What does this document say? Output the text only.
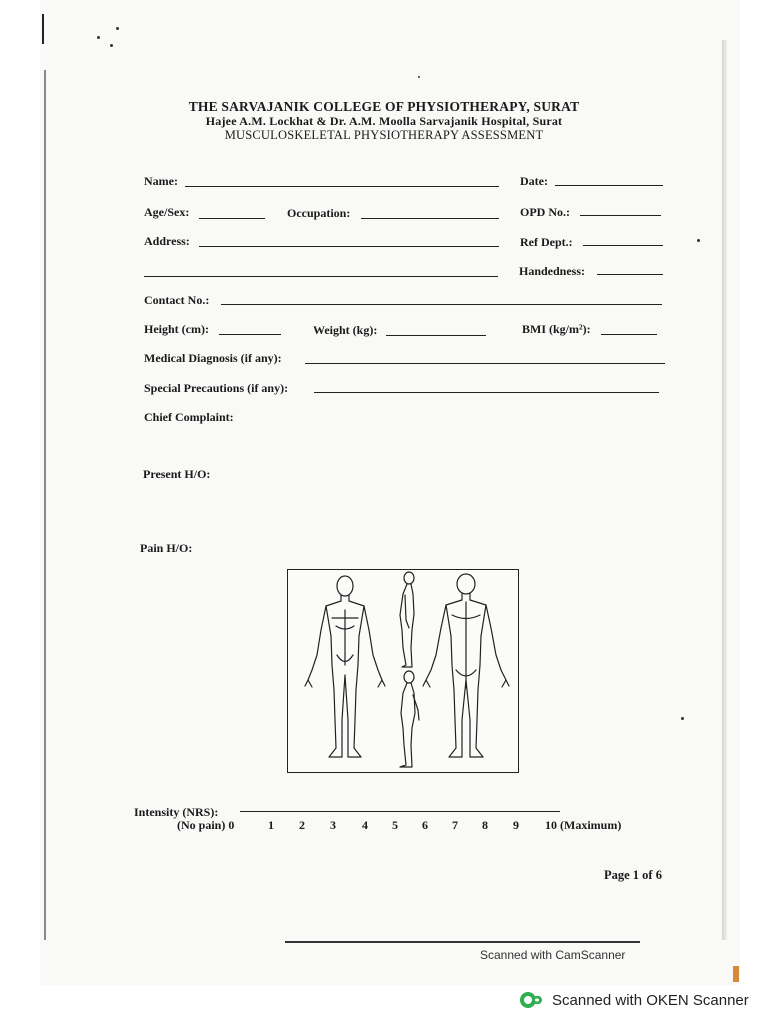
THE SARVAJANIK COLLEGE OF PHYSIOTHERAPY, SURAT
Hajee A.M. Lockhat & Dr. A.M. Moolla Sarvajanik Hospital, Surat
MUSCULOSKELETAL PHYSIOTHERAPY ASSESSMENT
Name:	Date:
Age/Sex:	Occupation:	OPD No.:
Address:	Ref Dept.:
Handedness:
Contact No.:
Height (cm):	Weight (kg):	BMI (kg/m²):
Medical Diagnosis (if any):
Special Precautions (if any):
Chief Complaint:
Present H/O:
Pain H/O:
Intensity (NRS):
(No pain) 0	1 2 3 4 5 6 7 8 9 10 (Maximum)
Page 1 of 6
Scanned with CamScanner
Scanned with OKEN Scanner
